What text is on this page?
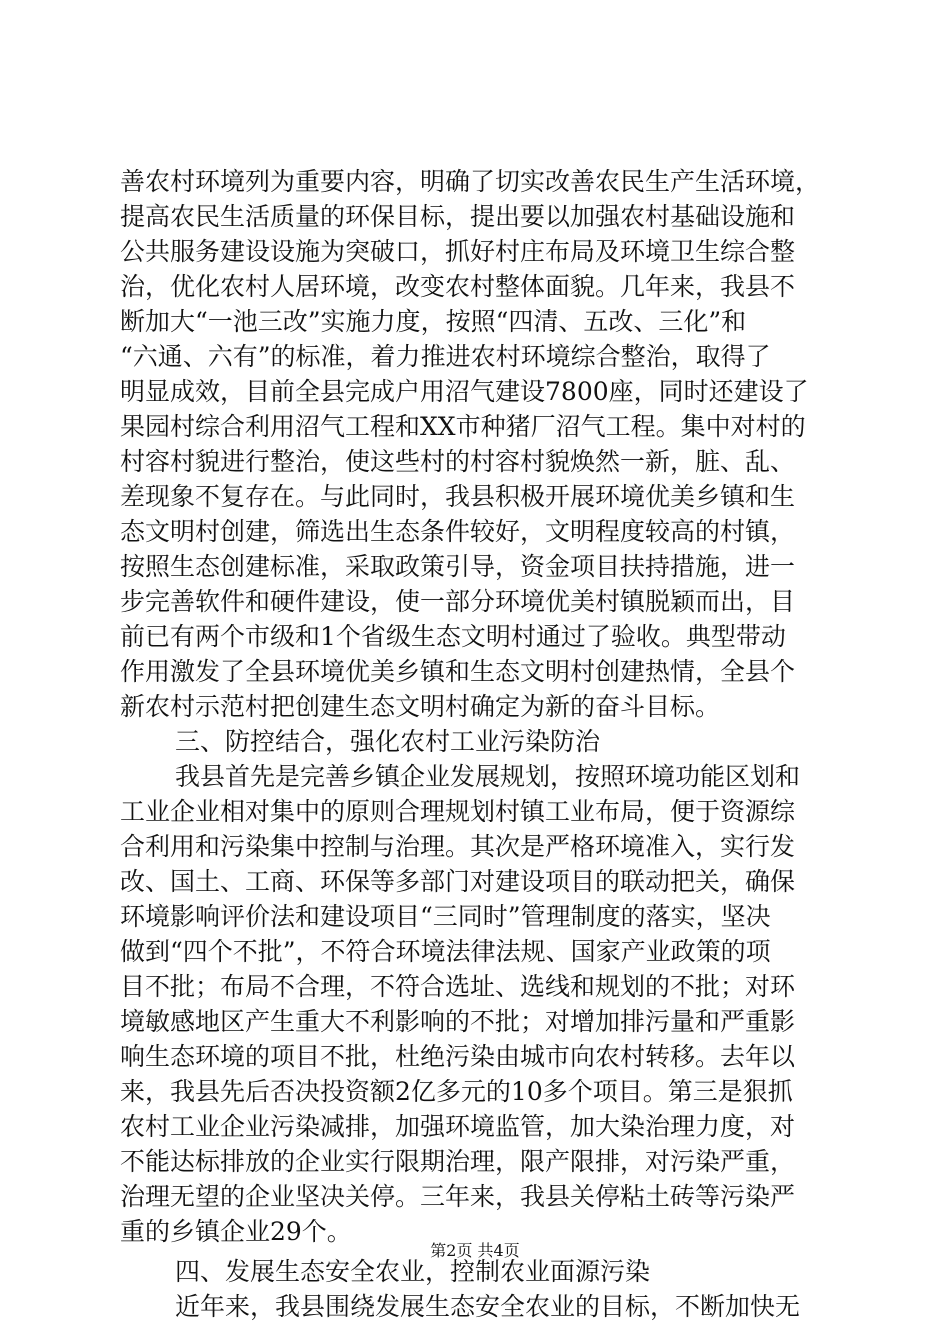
善农村环境列为重要内容，明确了切实改善农民生产生活环境，
提高农民生活质量的环保目标，提出要以加强农村基础设施和
公共服务建设设施为突破口，抓好村庄布局及环境卫生综合整
治，优化农村人居环境，改变农村整体面貌。几年来，我县不
断加大“一池三改”实施力度，按照“四清、五改、三化”和
“六通、六有”的标准，着力推进农村环境综合整治，取得了
明显成效，目前全县完成户用沼气建设7800座，同时还建设了
果园村综合利用沼气工程和XX市种猪厂沼气工程。集中对村的
村容村貌进行整治，使这些村的村容村貌焕然一新，脏、乱、
差现象不复存在。与此同时，我县积极开展环境优美乡镇和生
态文明村创建，筛选出生态条件较好，文明程度较高的村镇，
按照生态创建标准，采取政策引导，资金项目扶持措施，进一
步完善软件和硬件建设，使一部分环境优美村镇脱颖而出，目
前已有两个市级和1个省级生态文明村通过了验收。典型带动
作用激发了全县环境优美乡镇和生态文明村创建热情，全县个
新农村示范村把创建生态文明村确定为新的奋斗目标。
三、防控结合，强化农村工业污染防治
我县首先是完善乡镇企业发展规划，按照环境功能区划和
工业企业相对集中的原则合理规划村镇工业布局，便于资源综
合利用和污染集中控制与治理。其次是严格环境准入，实行发
改、国土、工商、环保等多部门对建设项目的联动把关，确保
环境影响评价法和建设项目“三同时”管理制度的落实，坚决
做到“四个不批”，不符合环境法律法规、国家产业政策的项
目不批；布局不合理，不符合选址、选线和规划的不批；对环
境敏感地区产生重大不利影响的不批；对增加排污量和严重影
响生态环境的项目不批，杜绝污染由城市向农村转移。去年以
来，我县先后否决投资额2亿多元的10多个项目。第三是狠抓
农村工业企业污染减排，加强环境监管，加大染治理力度，对
不能达标排放的企业实行限期治理，限产限排，对污染严重，
治理无望的企业坚决关停。三年来，我县关停粘土砖等污染严
重的乡镇企业29个。
四、发展生态安全农业，控制农业面源污染
近年来，我县围绕发展生态安全农业的目标，不断加快无
第2页 共4页
